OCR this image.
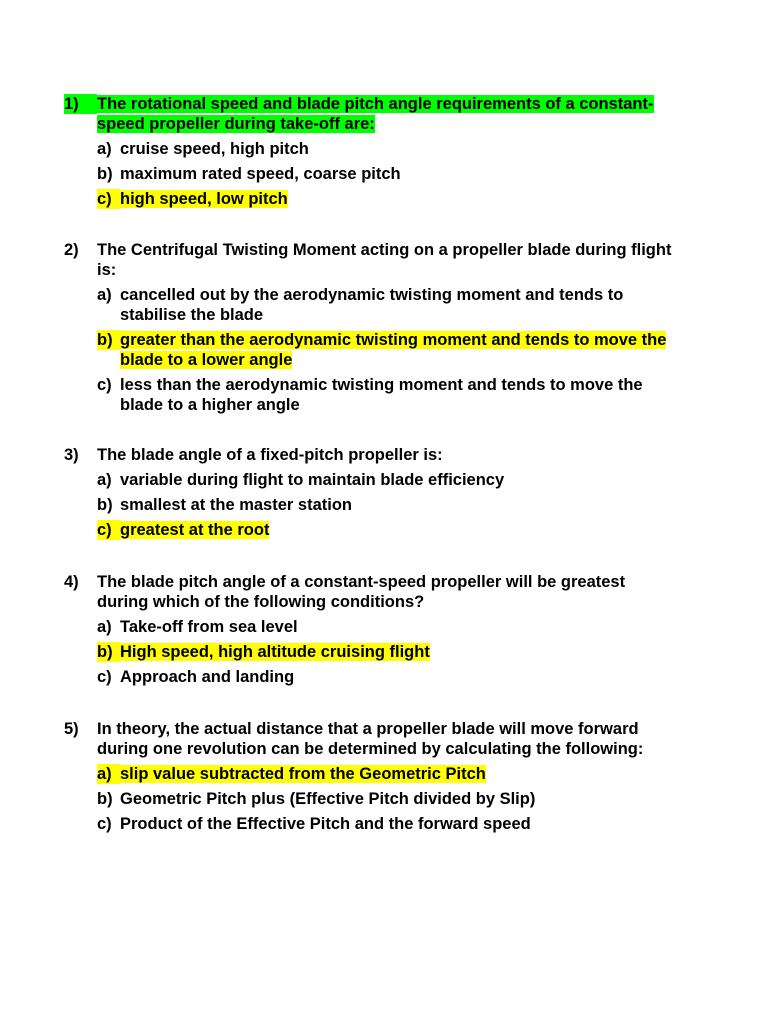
1)	The rotational speed and blade pitch angle requirements of a constant-speed propeller during take-off are:
a) cruise speed, high pitch
b) maximum rated speed, coarse pitch
c) high speed, low pitch
2)	The Centrifugal Twisting Moment acting on a propeller blade during flight is:
a) cancelled out by the aerodynamic twisting moment and tends to stabilise the blade
b) greater than the aerodynamic twisting moment and tends to move the blade to a lower angle
c) less than the aerodynamic twisting moment and tends to move the blade to a higher angle
3)	The blade angle of a fixed-pitch propeller is:
a) variable during flight to maintain blade efficiency
b) smallest at the master station
c) greatest at the root
4)	The blade pitch angle of a constant-speed propeller will be greatest during which of the following conditions?
a) Take-off from sea level
b) High speed, high altitude cruising flight
c) Approach and landing
5)	In theory, the actual distance that a propeller blade will move forward during one revolution can be determined by calculating the following:
a) slip value subtracted from the Geometric Pitch
b) Geometric Pitch plus (Effective Pitch divided by Slip)
c) Product of the Effective Pitch and the forward speed
